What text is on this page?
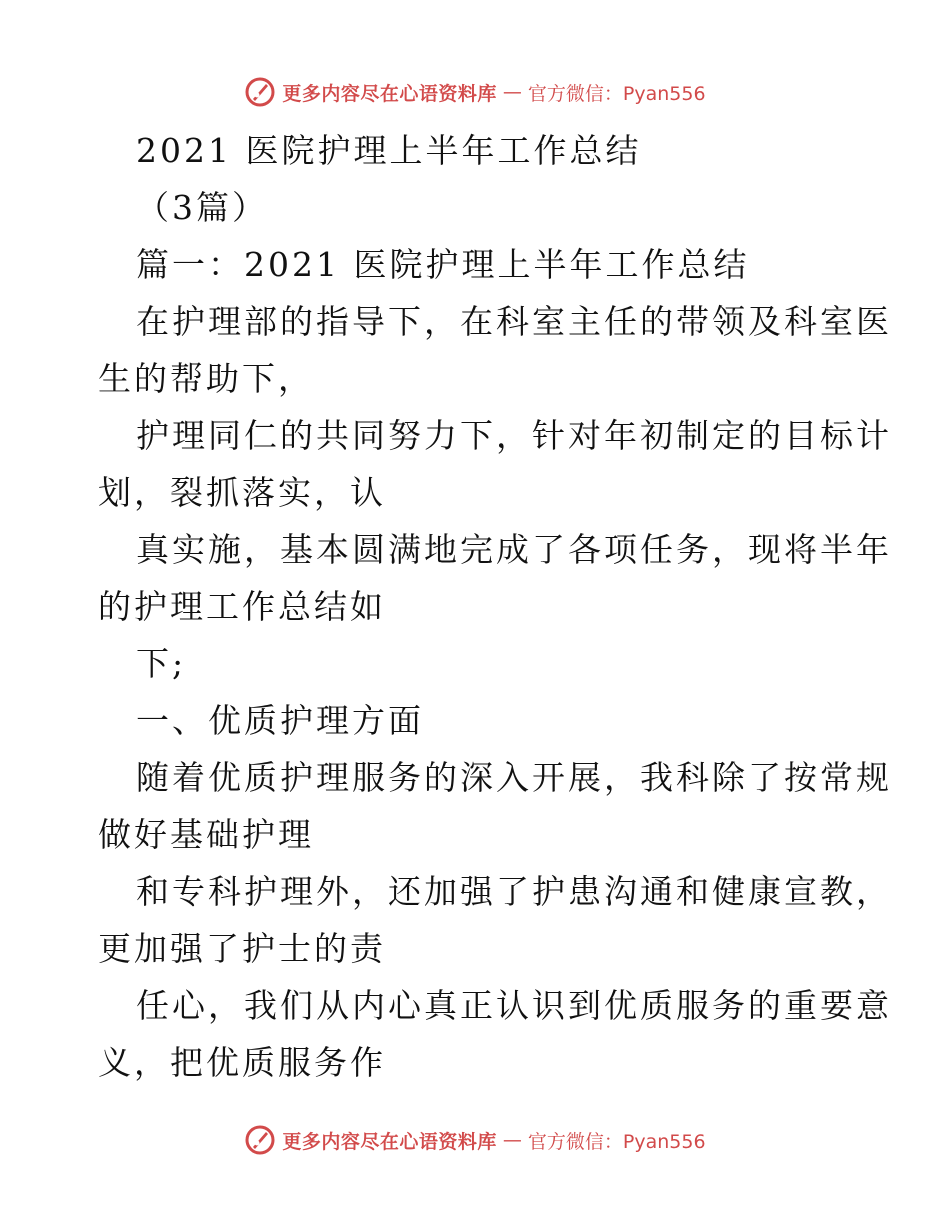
更多内容尽在心语资料库 — 官方微信：Pyan556
2021 医院护理上半年工作总结
（3篇）
篇一：2021 医院护理上半年工作总结
在护理部的指导下，在科室主任的带领及科室医
生的帮助下，
护理同仁的共同努力下，针对年初制定的目标计
划，裂抓落实，认
真实施，基本圆满地完成了各项任务，现将半年
的护理工作总结如
下;
一、优质护理方面
随着优质护理服务的深入开展，我科除了按常规
做好基础护理
和专科护理外，还加强了护患沟通和健康宣教，
更加强了护士的责
任心，我们从内心真正认识到优质服务的重要意
义，把优质服务作
更多内容尽在心语资料库 — 官方微信：Pyan556
